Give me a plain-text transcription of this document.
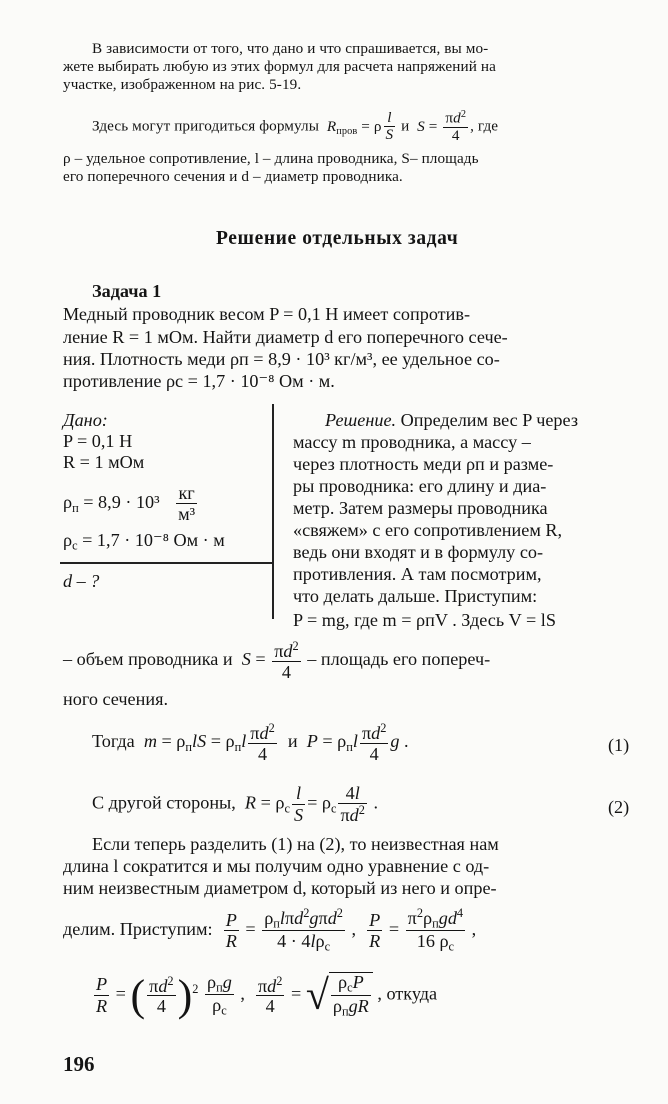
В зависимости от того, что дано и что спрашивается, вы мо-
жете выбирать любую из этих формул для расчета напряжений на
участке, изображенном на рис. 5-19.
Здесь могут пригодиться формулы $R_{пров} = \rho \frac{l}{S}$ и $S = \frac{\pi d^2}{4}$ , где
ρ – удельное сопротивление, l – длина проводника, S– площадь
его поперечного сечения и d – диаметр проводника.
Решение отдельных задач
Задача 1
Медный проводник весом P = 0,1 Н имеет сопротив-
ление R = 1 мОм. Найти диаметр d его поперечного сече-
ния. Плотность меди ρп = 8,9 · 10³ кг/м³, ее удельное со-
противление ρс = 1,7 · 10⁻⁸ Ом · м.
Дано:
P = 0,1 Н
R = 1 мОм
$\rho_п = 8,9 \cdot 10^3 \frac{кг}{\text{м³}}$
$\rho_с = 1,7 \cdot 10^{-8}$ Ом · м
d – ?
Решение. Определим вес P через
массу m проводника, а массу –
через плотность меди ρп и разме-
ры проводника: его длину и диа-
метр. Затем размеры проводника
«свяжем» с его сопротивлением R,
ведь они входят и в формулу со-
противления. А там посмотрим,
что делать дальше. Приступим:
P = mg, где m = ρпV . Здесь V = lS
– объем проводника и $S = \frac{\pi d^2}{4}$ – площадь его попереч-
ного сечения.
Тогда $m = \rho_пlS = \rho_пl \frac{\pi d^2}{4}$ и $P = \rho_пl \frac{\pi d^2}{4}$ g .	(1)
С другой стороны, $R = \rho_с \frac{l}{S} = \rho_с \frac{4l}{\pi d^2}$ .	(2)
Если теперь разделить (1) на (2), то неизвестная нам
длина l сократится и мы получим одно уравнение с од-
ним неизвестным диаметром d, который из него и опре-
делим. Приступим: $\frac{P}{R} = \frac{\rho_пl\pi d^2g\pi d^2}{4 \cdot 4l\rho_с}$ , $\frac{P}{R} = \frac{\pi^2\rho_пgd^4}{16 \rho_с}$ ,
$\frac{P}{R}$ = ( $\frac{\pi d^2}{4} )^2 \frac{\rho_пg}{\rho_с}$ , $\frac{\pi d^2}{4}$ = √ $\frac{\rho_сP}{\rho_пgR}$ , откуда
196
